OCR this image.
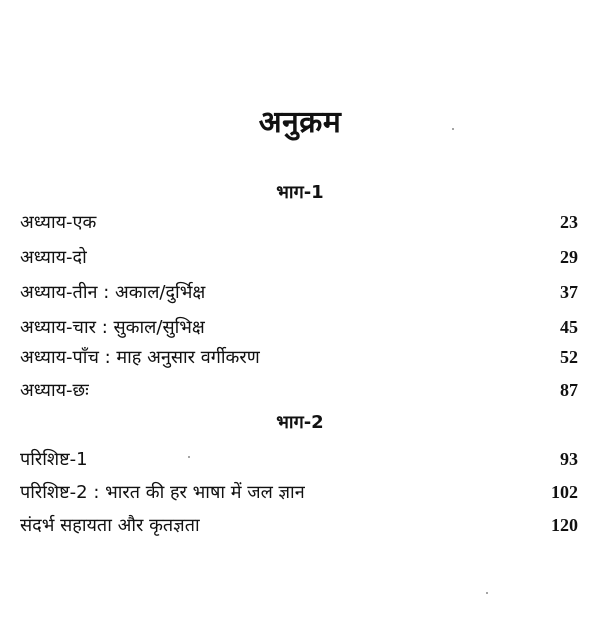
अनुक्रम
भाग-1
अध्याय-एक	23
अध्याय-दो	29
अध्याय-तीन : अकाल/दुर्भिक्ष	37
अध्याय-चार : सुकाल/सुभिक्ष	45
अध्याय-पाँच : माह अनुसार वर्गीकरण	52
अध्याय-छः	87
भाग-2
परिशिष्ट-1	93
परिशिष्ट-2 : भारत की हर भाषा में जल ज्ञान	102
संदर्भ सहायता और कृतज्ञता	120
